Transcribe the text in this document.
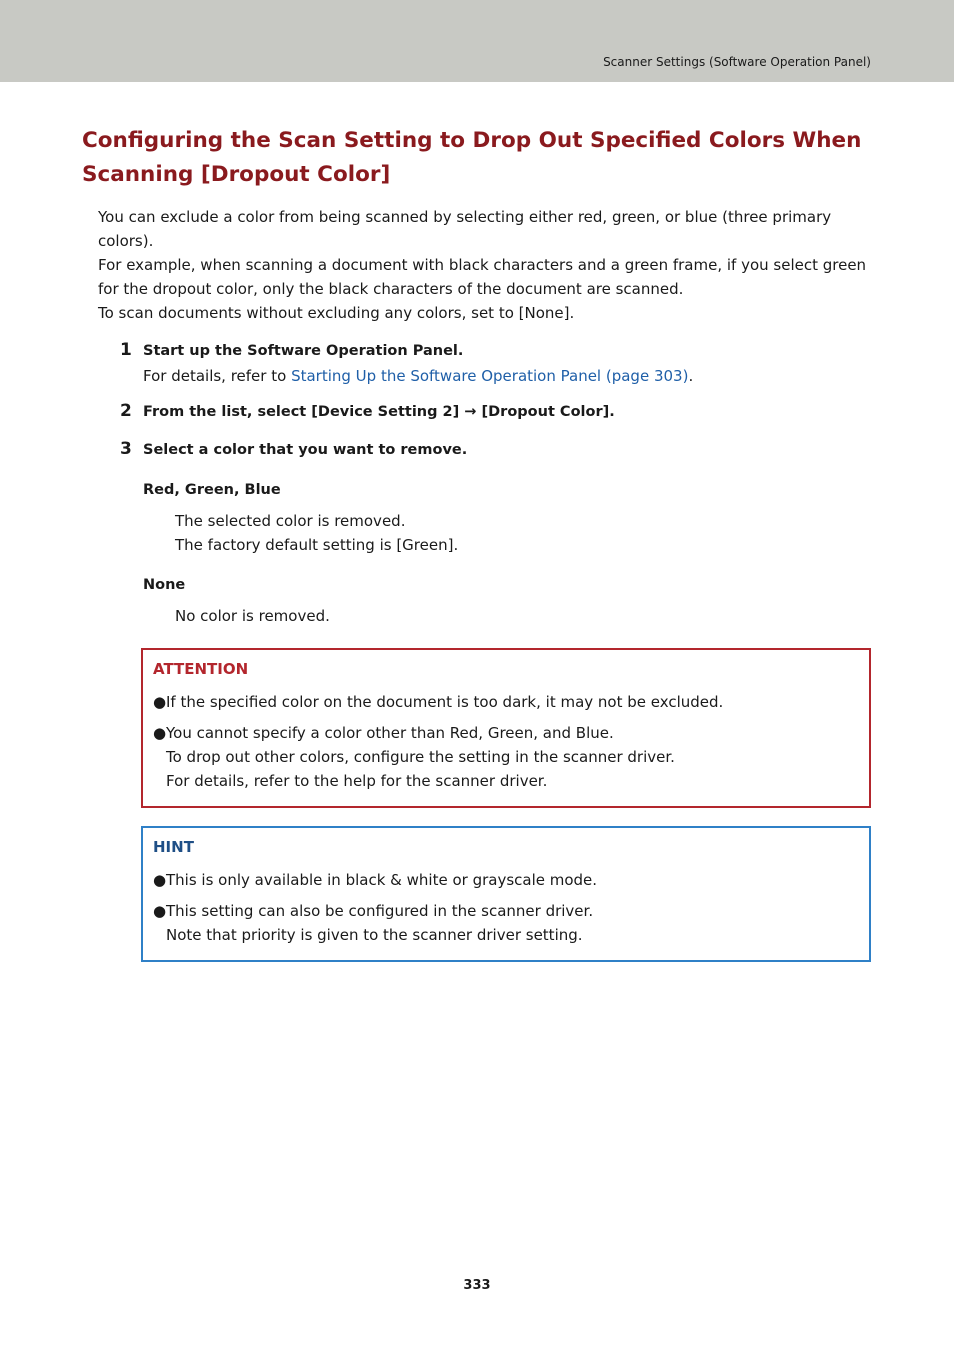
Scanner Settings (Software Operation Panel)
Configuring the Scan Setting to Drop Out Specified Colors When Scanning [Dropout Color]

You can exclude a color from being scanned by selecting either red, green, or blue (three primary colors).

For example, when scanning a document with black characters and a green frame, if you select green for the dropout color, only the black characters of the document are scanned.

To scan documents without excluding any colors, set to [None].

1 Start up the Software Operation Panel.
For details, refer to Starting Up the Software Operation Panel (page 303).
2 From the list, select [Device Setting 2] → [Dropout Color].
3 Select a color that you want to remove.
Red, Green, Blue

The selected color is removed.

The factory default setting is [Green].

None

No color is removed.

ATTENTION

●If the specified color on the document is too dark, it may not be excluded.

●You cannot specify a color other than Red, Green, and Blue.

To drop out other colors, configure the setting in the scanner driver.

For details, refer to the help for the scanner driver.

HINT

●This is only available in black & white or grayscale mode.

●This setting can also be configured in the scanner driver.

Note that priority is given to the scanner driver setting.

333
